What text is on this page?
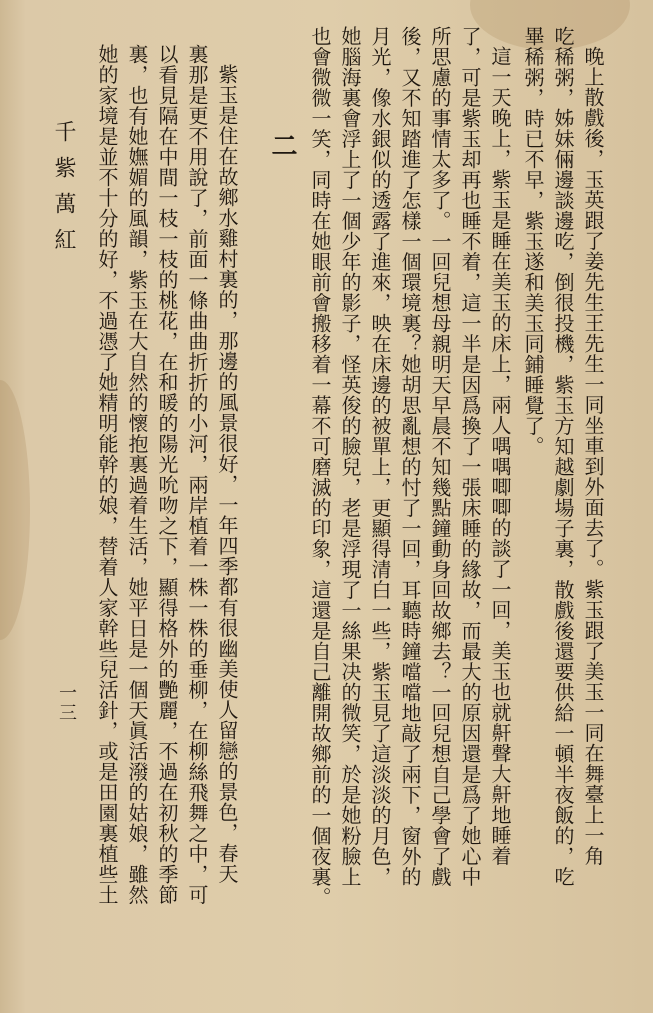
晚上散戲後，玉英跟了姜先生王先生一同坐車到外面去了。紫玉跟了美玉一同在舞臺上一角
吃稀粥，姊妹倆邊談邊吃，倒很投機，紫玉方知越劇場子裏，散戲後還要供給一頓半夜飯的，吃
畢稀粥，時已不早，紫玉遂和美玉同鋪睡覺了。
這一天晚上，紫玉是睡在美玉的床上，兩人喁喁唧唧的談了一回，美玉也就鼾聲大鼾地睡着
了，可是紫玉却再也睡不着，這一半是因爲換了一張床睡的緣故，而最大的原因還是爲了她心中
所思慮的事情太多了。一回兒想母親明天早晨不知幾點鐘動身回故鄉去？一回兒想自己學會了戲
後，又不知踏進了怎樣一個環境裏？她胡思亂想的忖了一回，耳聽時鐘噹噹地敲了兩下，窗外的
月光，像水銀似的透露了進來，映在床邊的被單上，更顯得清白一些，紫玉見了這淡淡的月色，
她腦海裏會浮上了一個少年的影子，怪英俊的臉兒，老是浮現了一絲果决的微笑，於是她粉臉上
也會微微一笑，同時在她眼前會搬移着一幕不可磨滅的印象，這還是自己離開故鄉前的一個夜裏。
二
紫玉是住在故鄉水雞村裏的，那邊的風景很好，一年四季都有很幽美使人留戀的景色，春天
裏那是更不用說了，前面一條曲曲折折的小河，兩岸植着一株一株的垂柳，在柳絲飛舞之中，可
以看見隔在中間一枝一枝的桃花，在和暖的陽光吮吻之下，顯得格外的艷麗，不過在初秋的季節
裏，也有她嫵媚的風韻，紫玉在大自然的懷抱裏過着生活，她平日是一個天眞活潑的姑娘，雖然
她的家境是並不十分的好，不過憑了她精明能幹的娘，替着人家幹些兒活針，或是田園裏植些土
千紫萬紅
一三
